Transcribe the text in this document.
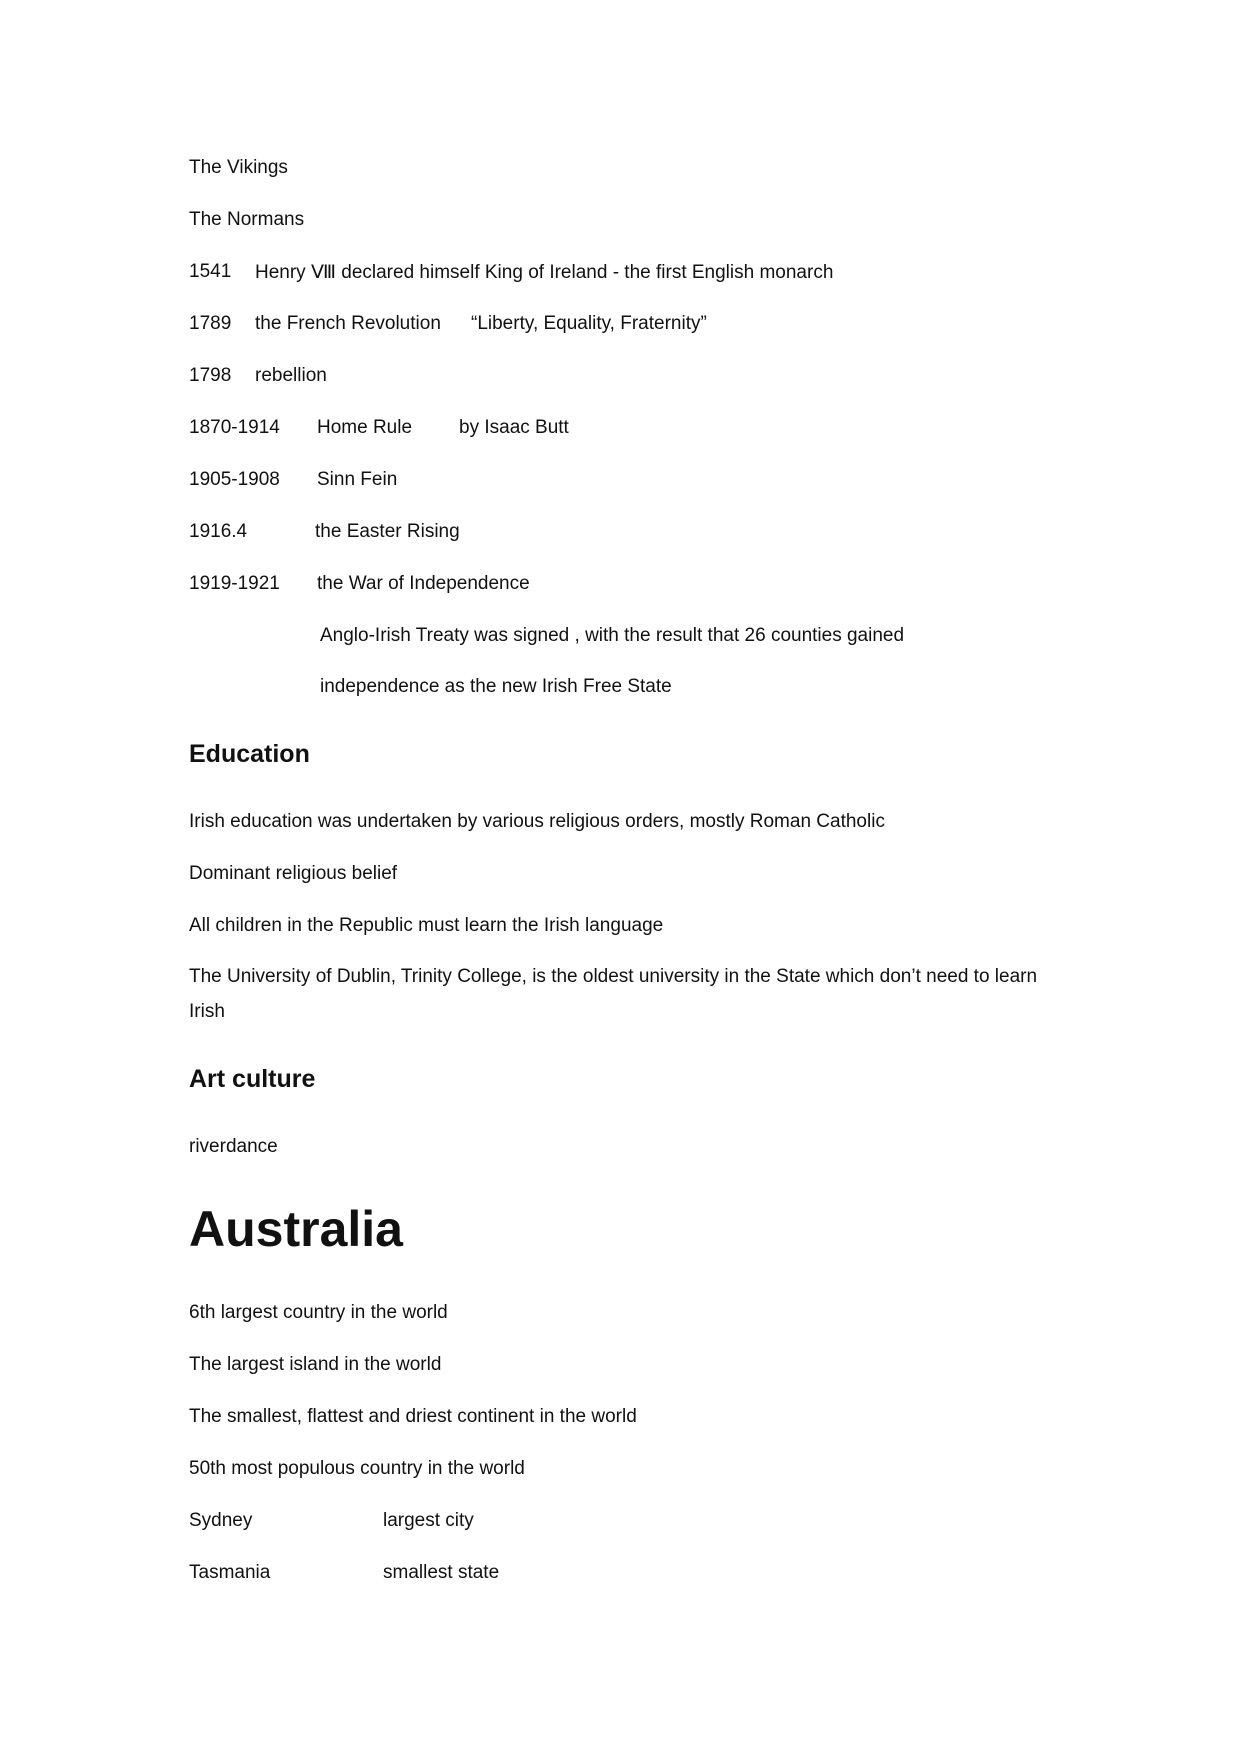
The Vikings
The Normans
1541 Henry Ⅷ declared himself King of Ireland - the first English monarch
1789 the French Revolution “Liberty, Equality, Fraternity”
1798 rebellion
1870-1914 Home Rule by Isaac Butt
1905-1908 Sinn Fein
1916.4	the Easter Rising
1919-1921 the War of Independence
Anglo-Irish Treaty was signed , with the result that 26 counties gained
independence as the new Irish Free State
Education
Irish education was undertaken by various religious orders, mostly Roman Catholic
Dominant religious belief
All children in the Republic must learn the Irish language
The University of Dublin, Trinity College, is the oldest university in the State which don’t need to learn Irish
Art culture
riverdance
Australia
6th largest country in the world
The largest island in the world
The smallest, flattest and driest continent in the world
50th most populous country in the world
Sydney	largest city
Tasmania	smallest state
